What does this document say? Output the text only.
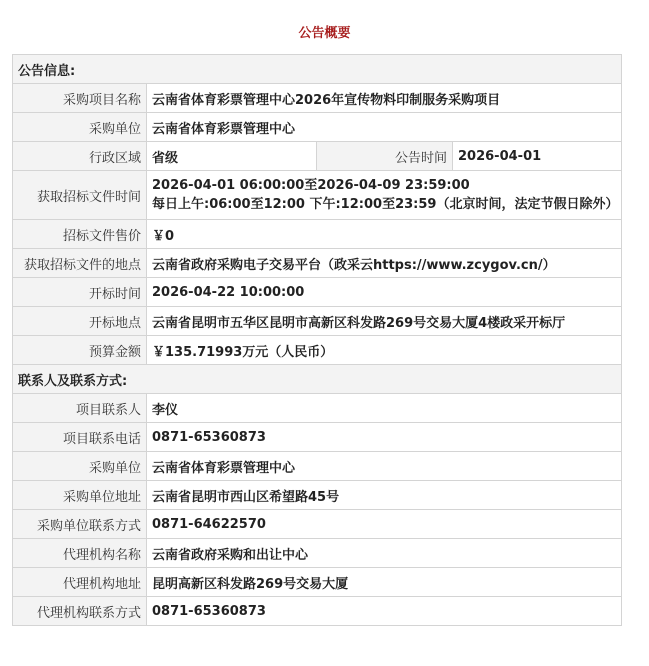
公告概要
公告信息:			
采购项目名称	云南省体育彩票管理中心2026年宣传物料印制服务采购项目		
采购单位	云南省体育彩票管理中心		
行政区域	省级	公告时间	2026-04-01
获取招标文件时间	2026-04-01 06:00:00至2026-04-09 23:59:00
每日上午:06:00至12:00 下午:12:00至23:59（北京时间，法定节假日除外）		

招标文件售价	￥0		
获取招标文件的地点	云南省政府采购电子交易平台（政采云https://www.zcygov.cn/）		
开标时间	2026-04-22 10:00:00		
开标地点	云南省昆明市五华区昆明市高新区科发路269号交易大厦4楼政采开标厅		
预算金额	￥135.71993万元（人民币）		
联系人及联系方式:			
项目联系人	李仪		
项目联系电话	0871-65360873		
采购单位	云南省体育彩票管理中心		
采购单位地址	云南省昆明市西山区希望路45号		
采购单位联系方式	0871-64622570		
代理机构名称	云南省政府采购和出让中心		
代理机构地址	昆明高新区科发路269号交易大厦		
代理机构联系方式	0871-65360873		
